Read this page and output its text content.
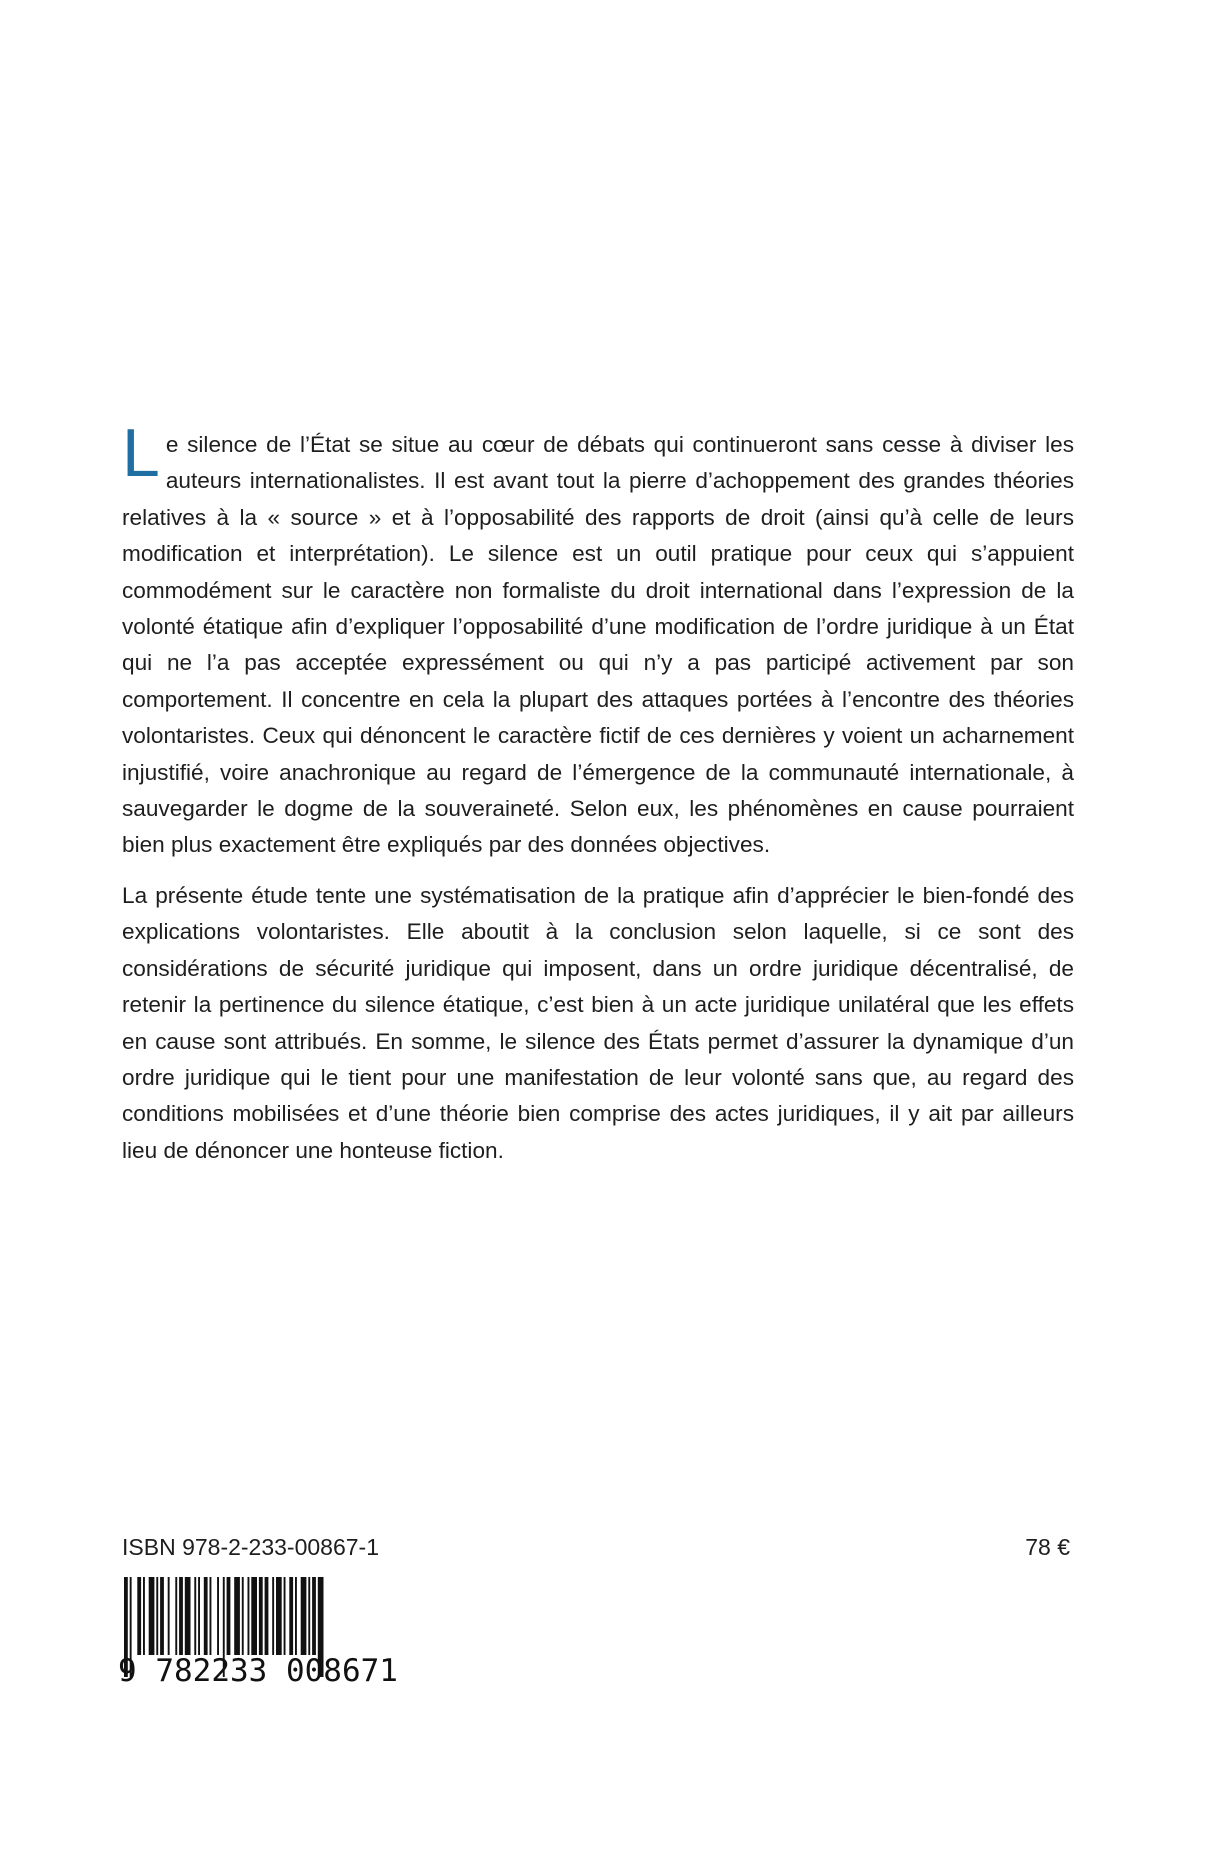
L e silence de l’État se situe au cœur de débats qui continueront sans cesse à diviser les auteurs internationalistes. Il est avant tout la pierre d’achoppement des grandes théories relatives à la « source » et à l’opposabilité des rapports de droit (ainsi qu’à celle de leurs modification et interprétation). Le silence est un outil pratique pour ceux qui s’appuient commodément sur le caractère non formaliste du droit international dans l’expression de la volonté étatique afin d’expliquer l’opposabilité d’une modification de l’ordre juridique à un État qui ne l’a pas acceptée expressément ou qui n’y a pas participé activement par son comportement. Il concentre en cela la plupart des attaques portées à l’encontre des théories volontaristes. Ceux qui dénoncent le caractère fictif de ces dernières y voient un acharnement injustifié, voire anachronique au regard de l’émergence de la communauté internationale, à sauvegarder le dogme de la souveraineté. Selon eux, les phénomènes en cause pourraient bien plus exactement être expliqués par des données objectives.
La présente étude tente une systématisation de la pratique afin d’apprécier le bien-fondé des explications volontaristes. Elle aboutit à la conclusion selon laquelle, si ce sont des considérations de sécurité juridique qui imposent, dans un ordre juridique décentralisé, de retenir la pertinence du silence étatique, c’est bien à un acte juridique unilatéral que les effets en cause sont attribués. En somme, le silence des États permet d’assurer la dynamique d’un ordre juridique qui le tient pour une manifestation de leur volonté sans que, au regard des conditions mobilisées et d’une théorie bien comprise des actes juridiques, il y ait par ailleurs lieu de dénoncer une honteuse fiction.
ISBN 978-2-233-00867-1	78 €
9 782233 008671
